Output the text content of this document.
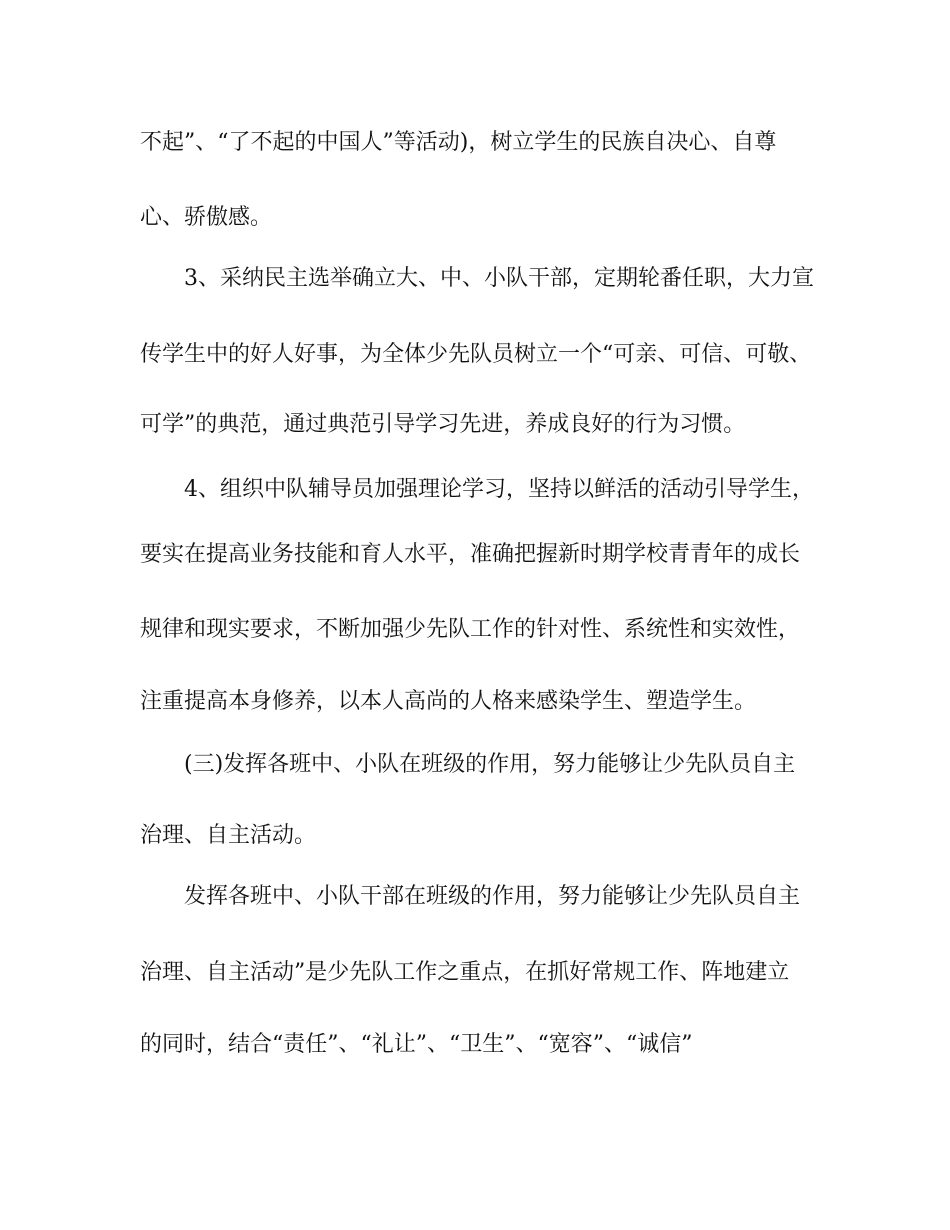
不起”、“了不起的中国人”等活动)，树立学生的民族自决心、自尊
心、骄傲感。
3、采纳民主选举确立大、中、小队干部，定期轮番任职，大力宣
传学生中的好人好事，为全体少先队员树立一个“可亲、可信、可敬、
可学”的典范，通过典范引导学习先进，养成良好的行为习惯。
4、组织中队辅导员加强理论学习，坚持以鲜活的活动引导学生，
要实在提高业务技能和育人水平，准确把握新时期学校青青年的成长
规律和现实要求，不断加强少先队工作的针对性、系统性和实效性，
注重提高本身修养，以本人高尚的人格来感染学生、塑造学生。
(三)发挥各班中、小队在班级的作用，努力能够让少先队员自主
治理、自主活动。
发挥各班中、小队干部在班级的作用，努力能够让少先队员自主
治理、自主活动”是少先队工作之重点，在抓好常规工作、阵地建立
的同时，结合“责任”、“礼让”、“卫生”、“宽容”、“诚信”
